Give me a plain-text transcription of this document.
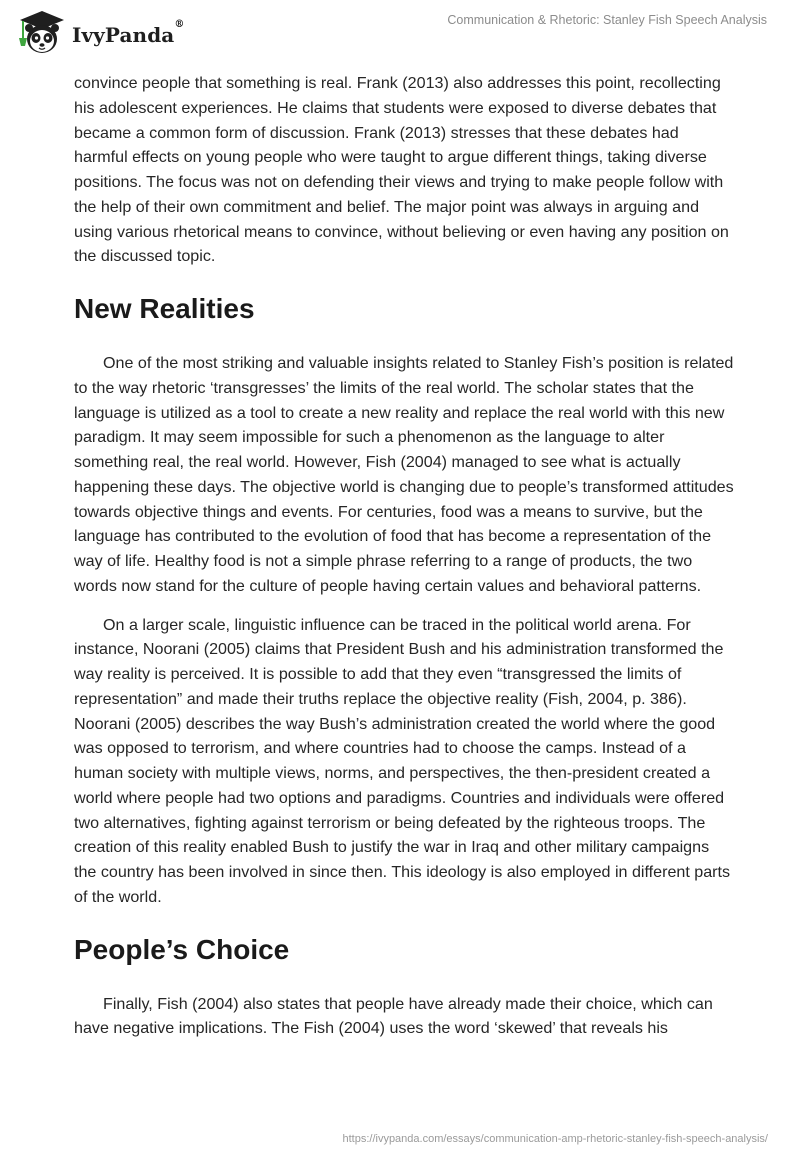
IvyPanda®	Communication & Rhetoric: Stanley Fish Speech Analysis

convince people that something is real. Frank (2013) also addresses this point, recollecting his adolescent experiences. He claims that students were exposed to diverse debates that became a common form of discussion. Frank (2013) stresses that these debates had harmful effects on young people who were taught to argue different things, taking diverse positions. The focus was not on defending their views and trying to make people follow with the help of their own commitment and belief. The major point was always in arguing and using various rhetorical means to convince, without believing or even having any position on the discussed topic.

New Realities

One of the most striking and valuable insights related to Stanley Fish’s position is related to the way rhetoric ‘transgresses’ the limits of the real world. The scholar states that the language is utilized as a tool to create a new reality and replace the real world with this new paradigm. It may seem impossible for such a phenomenon as the language to alter something real, the real world. However, Fish (2004) managed to see what is actually happening these days. The objective world is changing due to people’s transformed attitudes towards objective things and events. For centuries, food was a means to survive, but the language has contributed to the evolution of food that has become a representation of the way of life. Healthy food is not a simple phrase referring to a range of products, the two words now stand for the culture of people having certain values and behavioral patterns.

On a larger scale, linguistic influence can be traced in the political world arena. For instance, Noorani (2005) claims that President Bush and his administration transformed the way reality is perceived. It is possible to add that they even “transgressed the limits of representation” and made their truths replace the objective reality (Fish, 2004, p. 386). Noorani (2005) describes the way Bush’s administration created the world where the good was opposed to terrorism, and where countries had to choose the camps. Instead of a human society with multiple views, norms, and perspectives, the then-president created a world where people had two options and paradigms. Countries and individuals were offered two alternatives, fighting against terrorism or being defeated by the righteous troops. The creation of this reality enabled Bush to justify the war in Iraq and other military campaigns the country has been involved in since then. This ideology is also employed in different parts of the world.

People’s Choice

Finally, Fish (2004) also states that people have already made their choice, which can have negative implications. The Fish (2004) uses the word ‘skewed’ that reveals his

https://ivypanda.com/essays/communication-amp-rhetoric-stanley-fish-speech-analysis/
